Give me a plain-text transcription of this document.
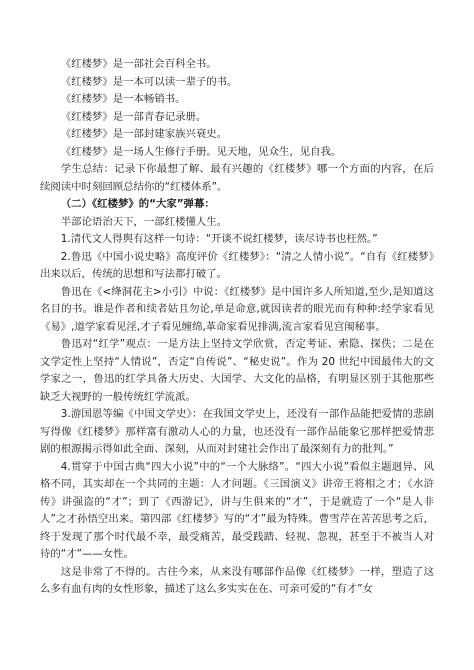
《红楼梦》是一部社会百科全书。

《红楼梦》是一本可以读一辈子的书。

《红楼梦》是一本畅销书。

《红楼梦》是一部青春记录册。

《红楼梦》是一部封建家族兴衰史。

《红楼梦》是一场人生修行手册。见天地，见众生，见自我。

学生总结：记录下你最想了解、最有兴趣的《红楼梦》哪一个方面的内容，在后续阅读中时刻回顾总结你的“红楼体系”。

（二）《红楼梦》的“大家”弹幕：

半部论语治天下，一部红楼懂人生。

1.清代文人得舆有这样一句诗：“开谈不说红楼梦，读尽诗书也枉然。”

2.鲁迅《中国小说史略》高度评价《红楼梦》：“清之人情小说”。“自有《红楼梦》出来以后，传统的思想和写法都打破了。

鲁迅在《<绛洞花主>小引》中说：《红楼梦》是中国许多人所知道,至少,是知道这名目的书。谁是作者和续者姑且勿论,单是命意,就因读者的眼光而有种种:经学家看见《易》,道学家看见淫,才子看见缠绵,革命家看见排满,流言家看见宫闱秘事。

鲁迅对“红学”观点：一是方法上坚持文学欣赏，否定考证、索隐、探佚；二是在文学定性上坚持“人情说”，否定“自传说”、“秘史说”。作为 20 世纪中国最伟大的文学家之一，鲁迅的红学具备大历史、大国学、大文化的品格，有明显区别于其他那些缺乏大视野的一般传统红学流派。

3.游国恩等编《中国文学史》：在我国文学史上，还没有一部作品能把爱情的悲剧写得像《红楼梦》那样富有激动人心的力量，也还没有一部作品能象它那样把爱情悲剧的根源揭示得如此全面、深刻，从而对封建社会作出了最深刻有力的批判。”

4.贯穿于中国古典“四大小说”中的“一个大脉络”。“四大小说”看似主题迥异、风格不同，其实却在一个共同的主题：人才问题。《三国演义》讲帝王将相之才；《水浒传》讲强盗的“才”；到了《西游记》，讲与生俱来的“才”，于是就造了一个“是人非人”之才孙悟空出来。第四部《红楼梦》写的“才”最为特殊。曹雪芹在苦苦思考之后，终于发现了那个时代最不幸，最受痛苦，最受践踏、轻视、忽视，甚至于不被当人对待的“才”——女性。

这是非常了不得的。古往今来，从来没有哪部作品像《红楼梦》一样，塑造了这么多有血有肉的女性形象，描述了这么多实实在在、可亲可爱的“有才”女
